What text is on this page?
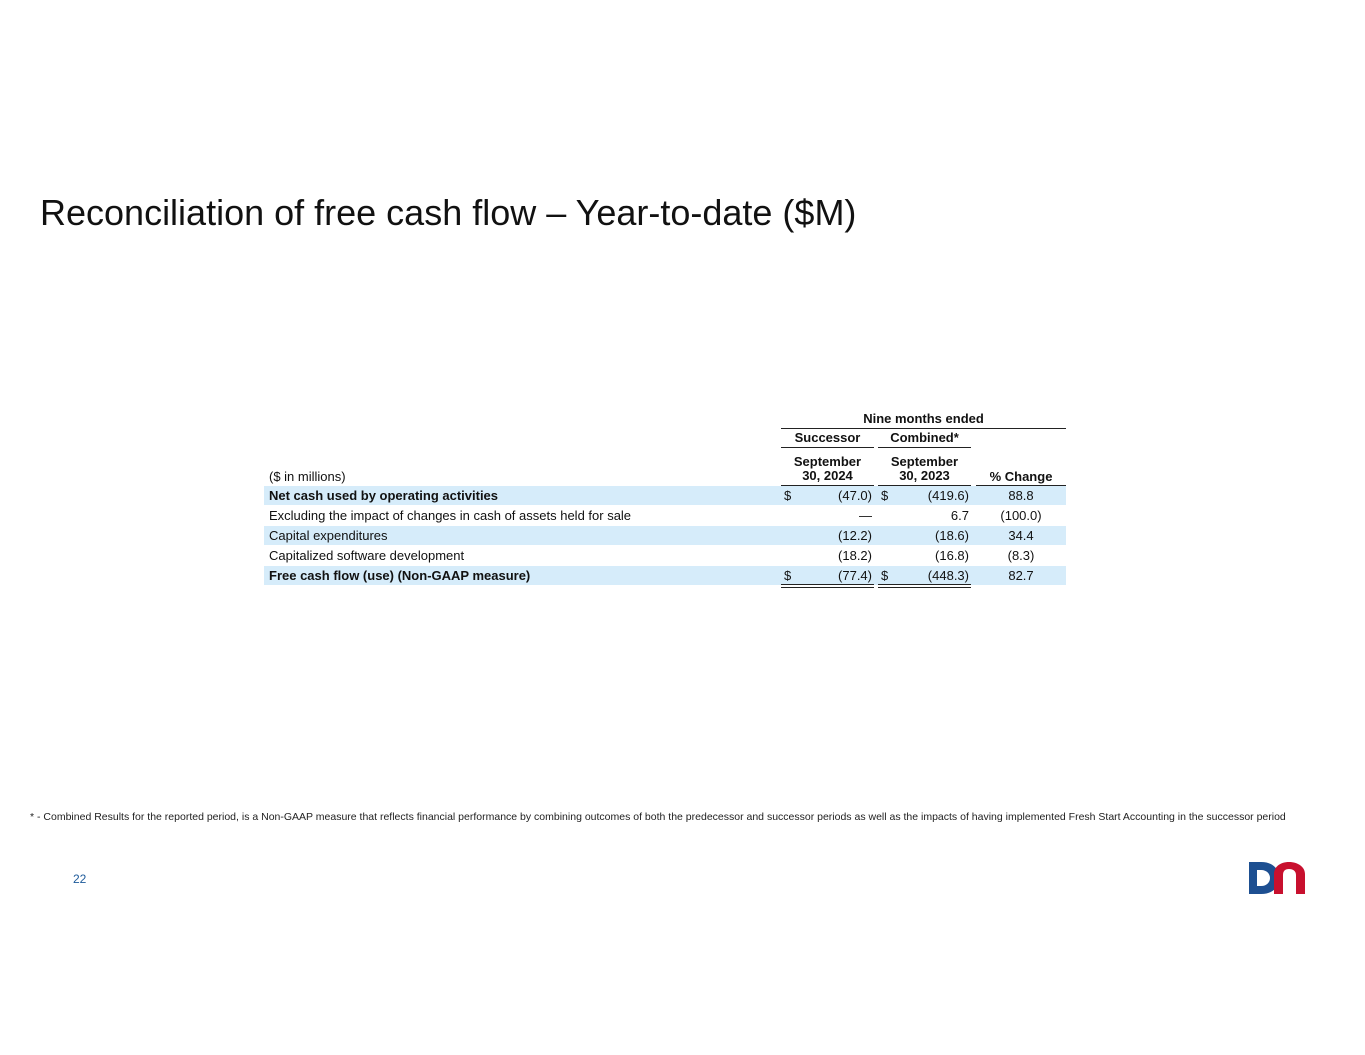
Reconciliation of free cash flow – Year-to-date ($M)
Nine months ended
Successor	Combined*
September
30, 2024
September
30, 2023	% Change
($ in millions)
Net cash used by operating activities	$	(47.0) $	(419.6)	88.8
Excluding the impact of changes in cash of assets held for sale	—	6.7	(100.0)
Capital expenditures	(12.2)	(18.6)	34.4
Capitalized software development	(18.2)	(16.8)	(8.3)
Free cash flow (use) (Non-GAAP measure)	$	(77.4) $	(448.3)	82.7
* - Combined Results for the reported period, is a Non-GAAP measure that reflects financial performance by combining outcomes of both the predecessor and successor periods as well as the impacts of having implemented Fresh Start Accounting in the successor period
22
